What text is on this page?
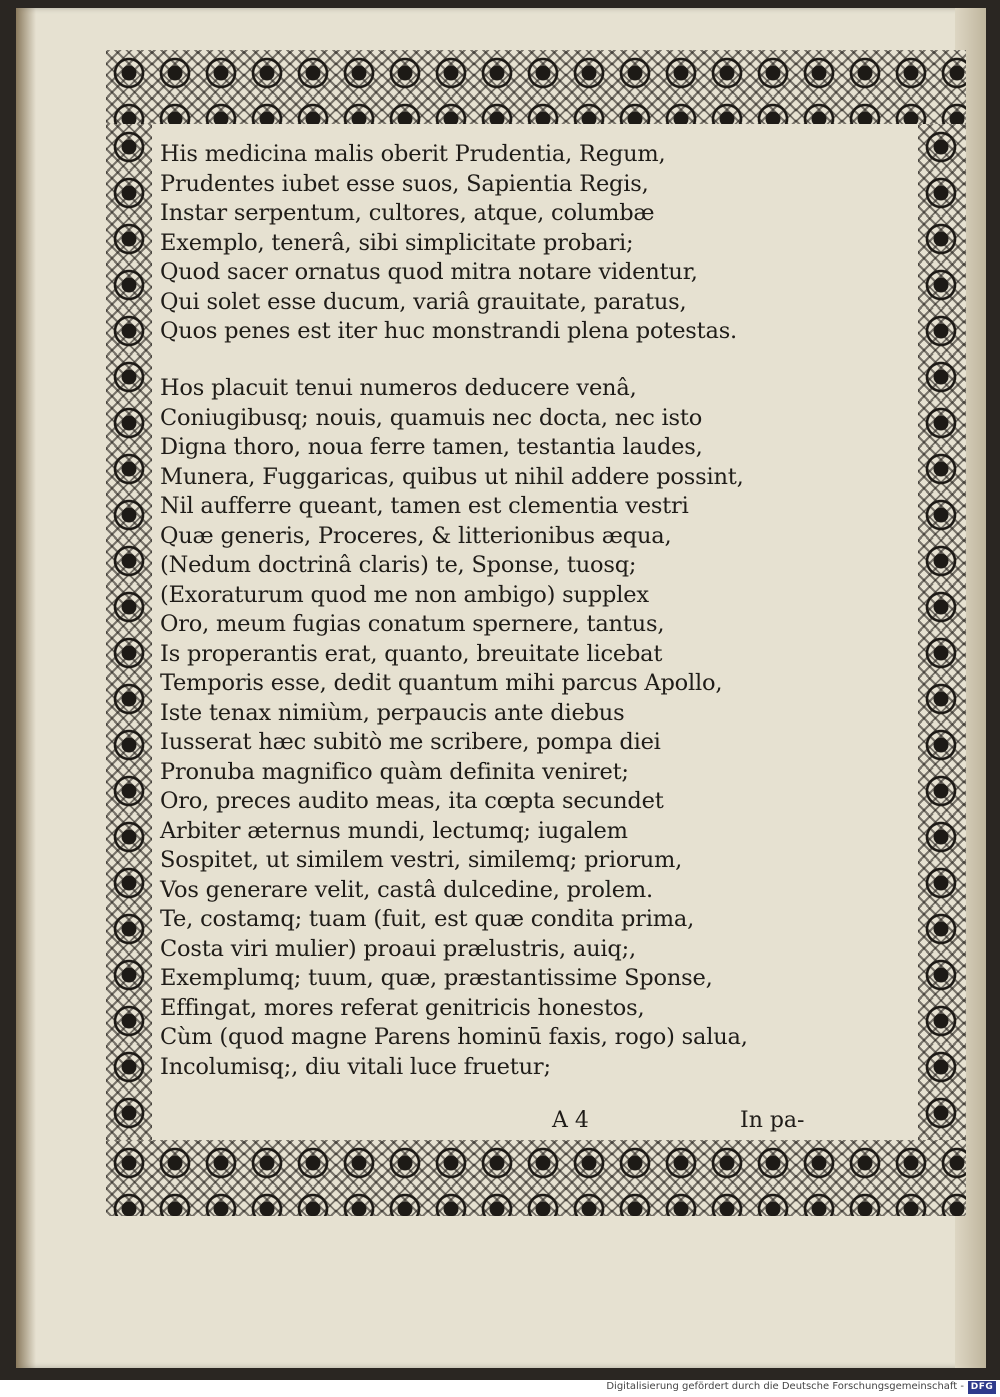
His medicina malis oberit Prudentia, Regum,
Prudentes iubet esse suos, Sapientia Regis,
Instar serpentum, cultores, atque, columbæ
Exemplo, tenerâ, sibi simplicitate probari;
Quod sacer ornatus quod mitra notare videntur,
Qui solet esse ducum, variâ grauitate, paratus,
Quos penes est iter huc monstrandi plena potestas.
Hos placuit tenui numeros deducere venâ,
Coniugibusq; nouis, quamuis nec docta, nec isto
Digna thoro, noua ferre tamen, testantia laudes,
Munera, Fuggaricas, quibus ut nihil addere possint,
Nil aufferre queant, tamen est clementia vestri
Quæ generis, Proceres, & litterionibus æqua,
(Nedum doctrinâ claris) te, Sponse, tuosq;
(Exoraturum quod me non ambigo) supplex
Oro, meum fugias conatum spernere, tantus,
Is properantis erat, quanto, breuitate licebat
Temporis esse, dedit quantum mihi parcus Apollo,
Iste tenax nimiùm, perpaucis ante diebus
Iusserat hæc subitò me scribere, pompa diei
Pronuba magnifico quàm definita veniret;
Oro, preces audito meas, ita cœpta secundet
Arbiter æternus mundi, lectumq; iugalem
Sospitet, ut similem vestri, similemq; priorum,
Vos generare velit, castâ dulcedine, prolem.
Te, costamq; tuam (fuit, est quæ condita prima,
Costa viri mulier) proaui prælustris, auiq;,
Exemplumq; tuum, quæ, præstantissime Sponse,
Effingat, mores referat genitricis honestos,
Cùm (quod magne Parens hominū faxis, rogo) salua,
Incolumisq;, diu vitali luce fruetur;
A 4	In pa-
Digitalisierung gefördert durch die Deutsche Forschungsgemeinschaft - DFG
